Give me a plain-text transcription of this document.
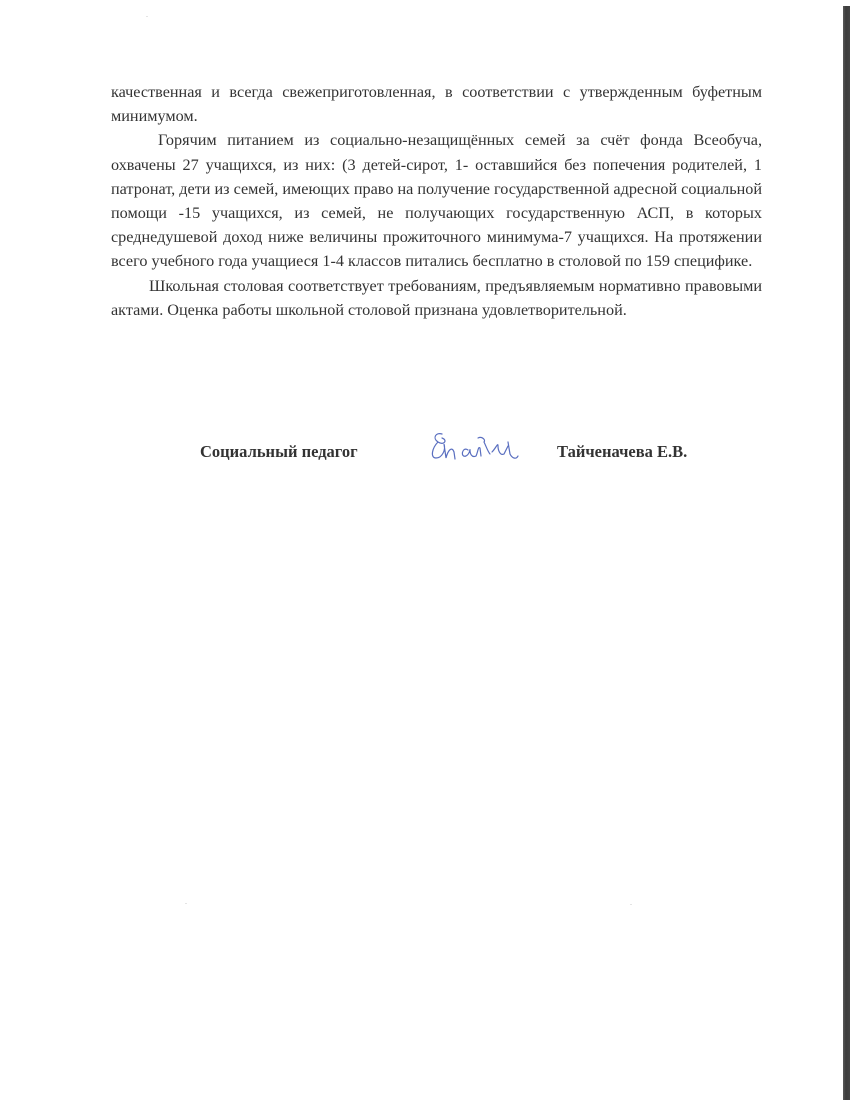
качественная и всегда свежеприготовленная, в соответствии с утвержденным буфетным минимумом.

Горячим питанием из социально-незащищённых семей за счёт фонда Всеобуча, охвачены 27 учащихся, из них: (3 детей-сирот, 1- оставшийся без попечения родителей, 1 патронат, дети из семей, имеющих право на получение государственной адресной социальной помощи -15 учащихся, из семей, не получающих государственную АСП, в которых среднедушевой доход ниже величины прожиточного минимума-7 учащихся. На протяжении всего учебного года учащиеся 1-4 классов питались бесплатно в столовой по 159 специфике.

Школьная столовая соответствует требованиям, предъявляемым нормативно правовыми актами. Оценка работы школьной столовой признана удовлетворительной.

Социальный педагог	Тайченачева Е.В.
